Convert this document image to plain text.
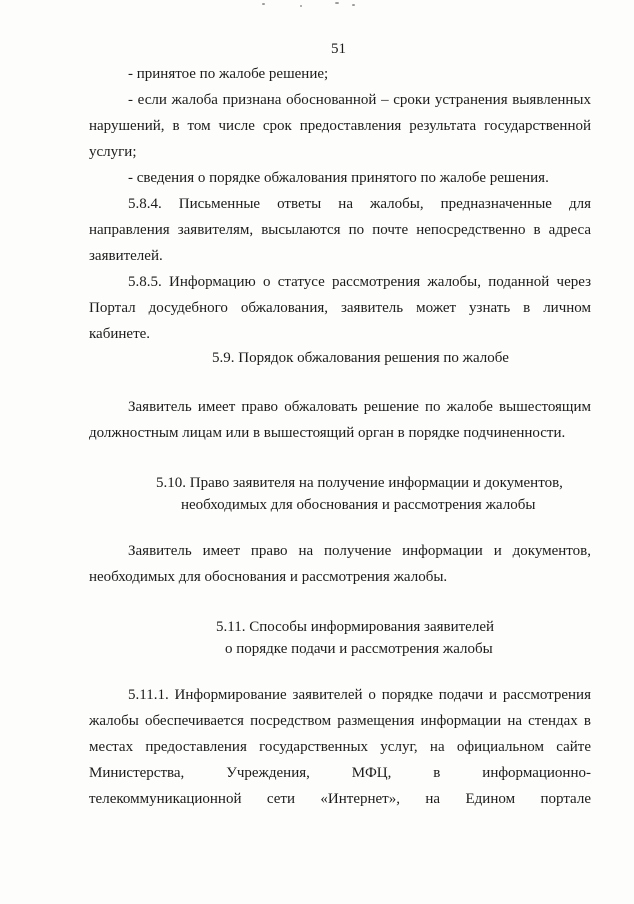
51

- принятое по жалобе решение;

- если жалоба признана обоснованной – сроки устранения выявленных

нарушений, в том числе срок предоставления результата государственной

услуги;

- сведения о порядке обжалования принятого по жалобе решения.

5.8.4. Письменные ответы на жалобы, предназначенные для

направления заявителям, высылаются по почте непосредственно в адреса

заявителей.

5.8.5. Информацию о статусе рассмотрения жалобы, поданной через

Портал досудебного обжалования, заявитель может узнать в личном

кабинете.

5.9. Порядок обжалования решения по жалобе

Заявитель имеет право обжаловать решение по жалобе вышестоящим

должностным лицам или в вышестоящий орган в порядке подчиненности.

5.10. Право заявителя на получение информации и документов,

необходимых для обоснования и рассмотрения жалобы

Заявитель имеет право на получение информации и документов,

необходимых для обоснования и рассмотрения жалобы.

5.11. Способы информирования заявителей

о порядке подачи и рассмотрения жалобы

5.11.1. Информирование заявителей о порядке подачи и рассмотрения

жалобы обеспечивается посредством размещения информации на стендах в

местах предоставления государственных услуг, на официальном сайте

Министерства, Учреждения, МФЦ, в информационно-

телекоммуникационной сети «Интернет», на Едином портале
